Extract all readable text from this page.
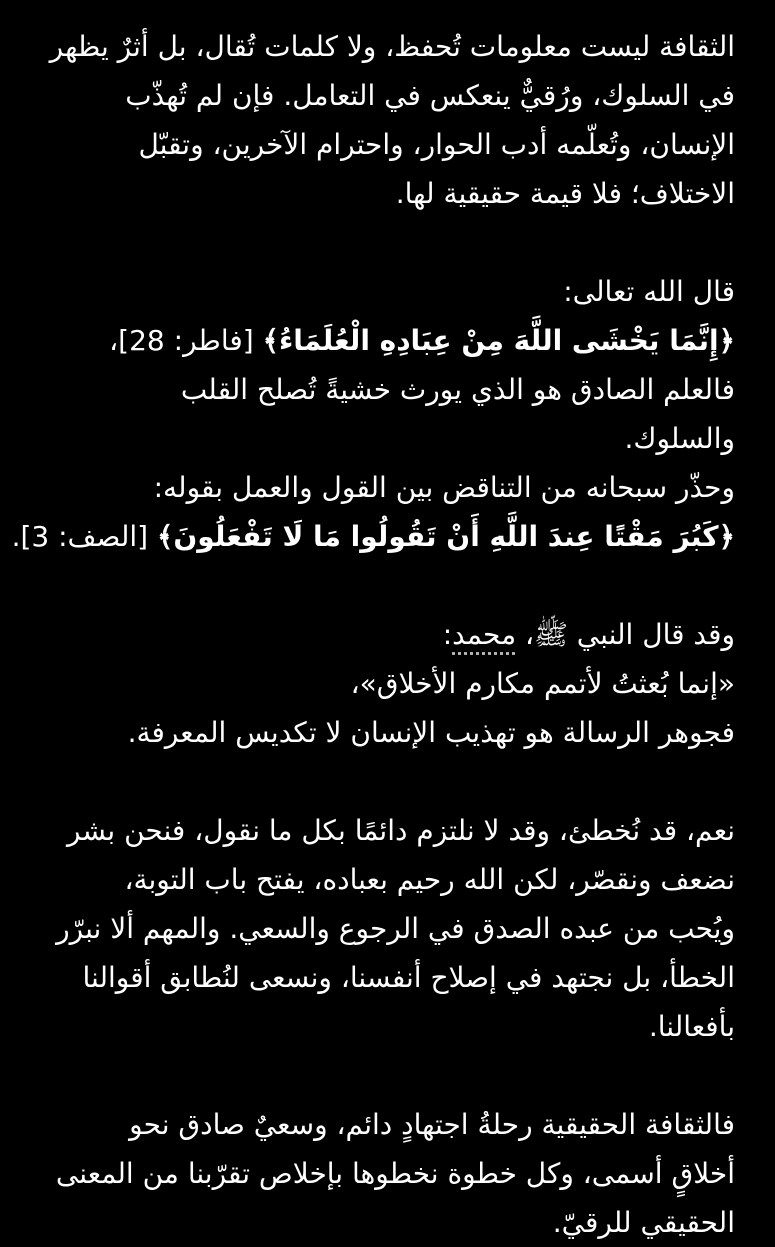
الثقافة ليست معلومات تُحفظ، ولا كلمات تُقال، بل أثرٌ يظهر
في السلوك، ورُقيٌّ ينعكس في التعامل. فإن لم تُهذّب
الإنسان، وتُعلّمه أدب الحوار، واحترام الآخرين، وتقبّل
الاختلاف؛ فلا قيمة حقيقية لها.

قال الله تعالى:
﴿إِنَّمَا يَخْشَى اللَّهَ مِنْ عِبَادِهِ الْعُلَمَاءُ﴾ [فاطر: 28]،
فالعلم الصادق هو الذي يورث خشيةً تُصلح القلب
والسلوك.
وحذّر سبحانه من التناقض بين القول والعمل بقوله:
﴿كَبُرَ مَقْتًا عِندَ اللَّهِ أَنْ تَقُولُوا مَا لَا تَفْعَلُونَ﴾ [الصف: 3].

وقد قال النبي ﷺ، محمد:
«إنما بُعثتُ لأتمم مكارم الأخلاق»،
فجوهر الرسالة هو تهذيب الإنسان لا تكديس المعرفة.

نعم، قد نُخطئ، وقد لا نلتزم دائمًا بكل ما نقول، فنحن بشر
نضعف ونقصّر، لكن الله رحيم بعباده، يفتح باب التوبة،
ويُحب من عبده الصدق في الرجوع والسعي. والمهم ألا نبرّر
الخطأ، بل نجتهد في إصلاح أنفسنا، ونسعى لنُطابق أقوالنا
بأفعالنا.

فالثقافة الحقيقية رحلةُ اجتهادٍ دائم، وسعيٌ صادق نحو
أخلاقٍ أسمى، وكل خطوة نخطوها بإخلاص تقرّبنا من المعنى
الحقيقي للرقيّ.
